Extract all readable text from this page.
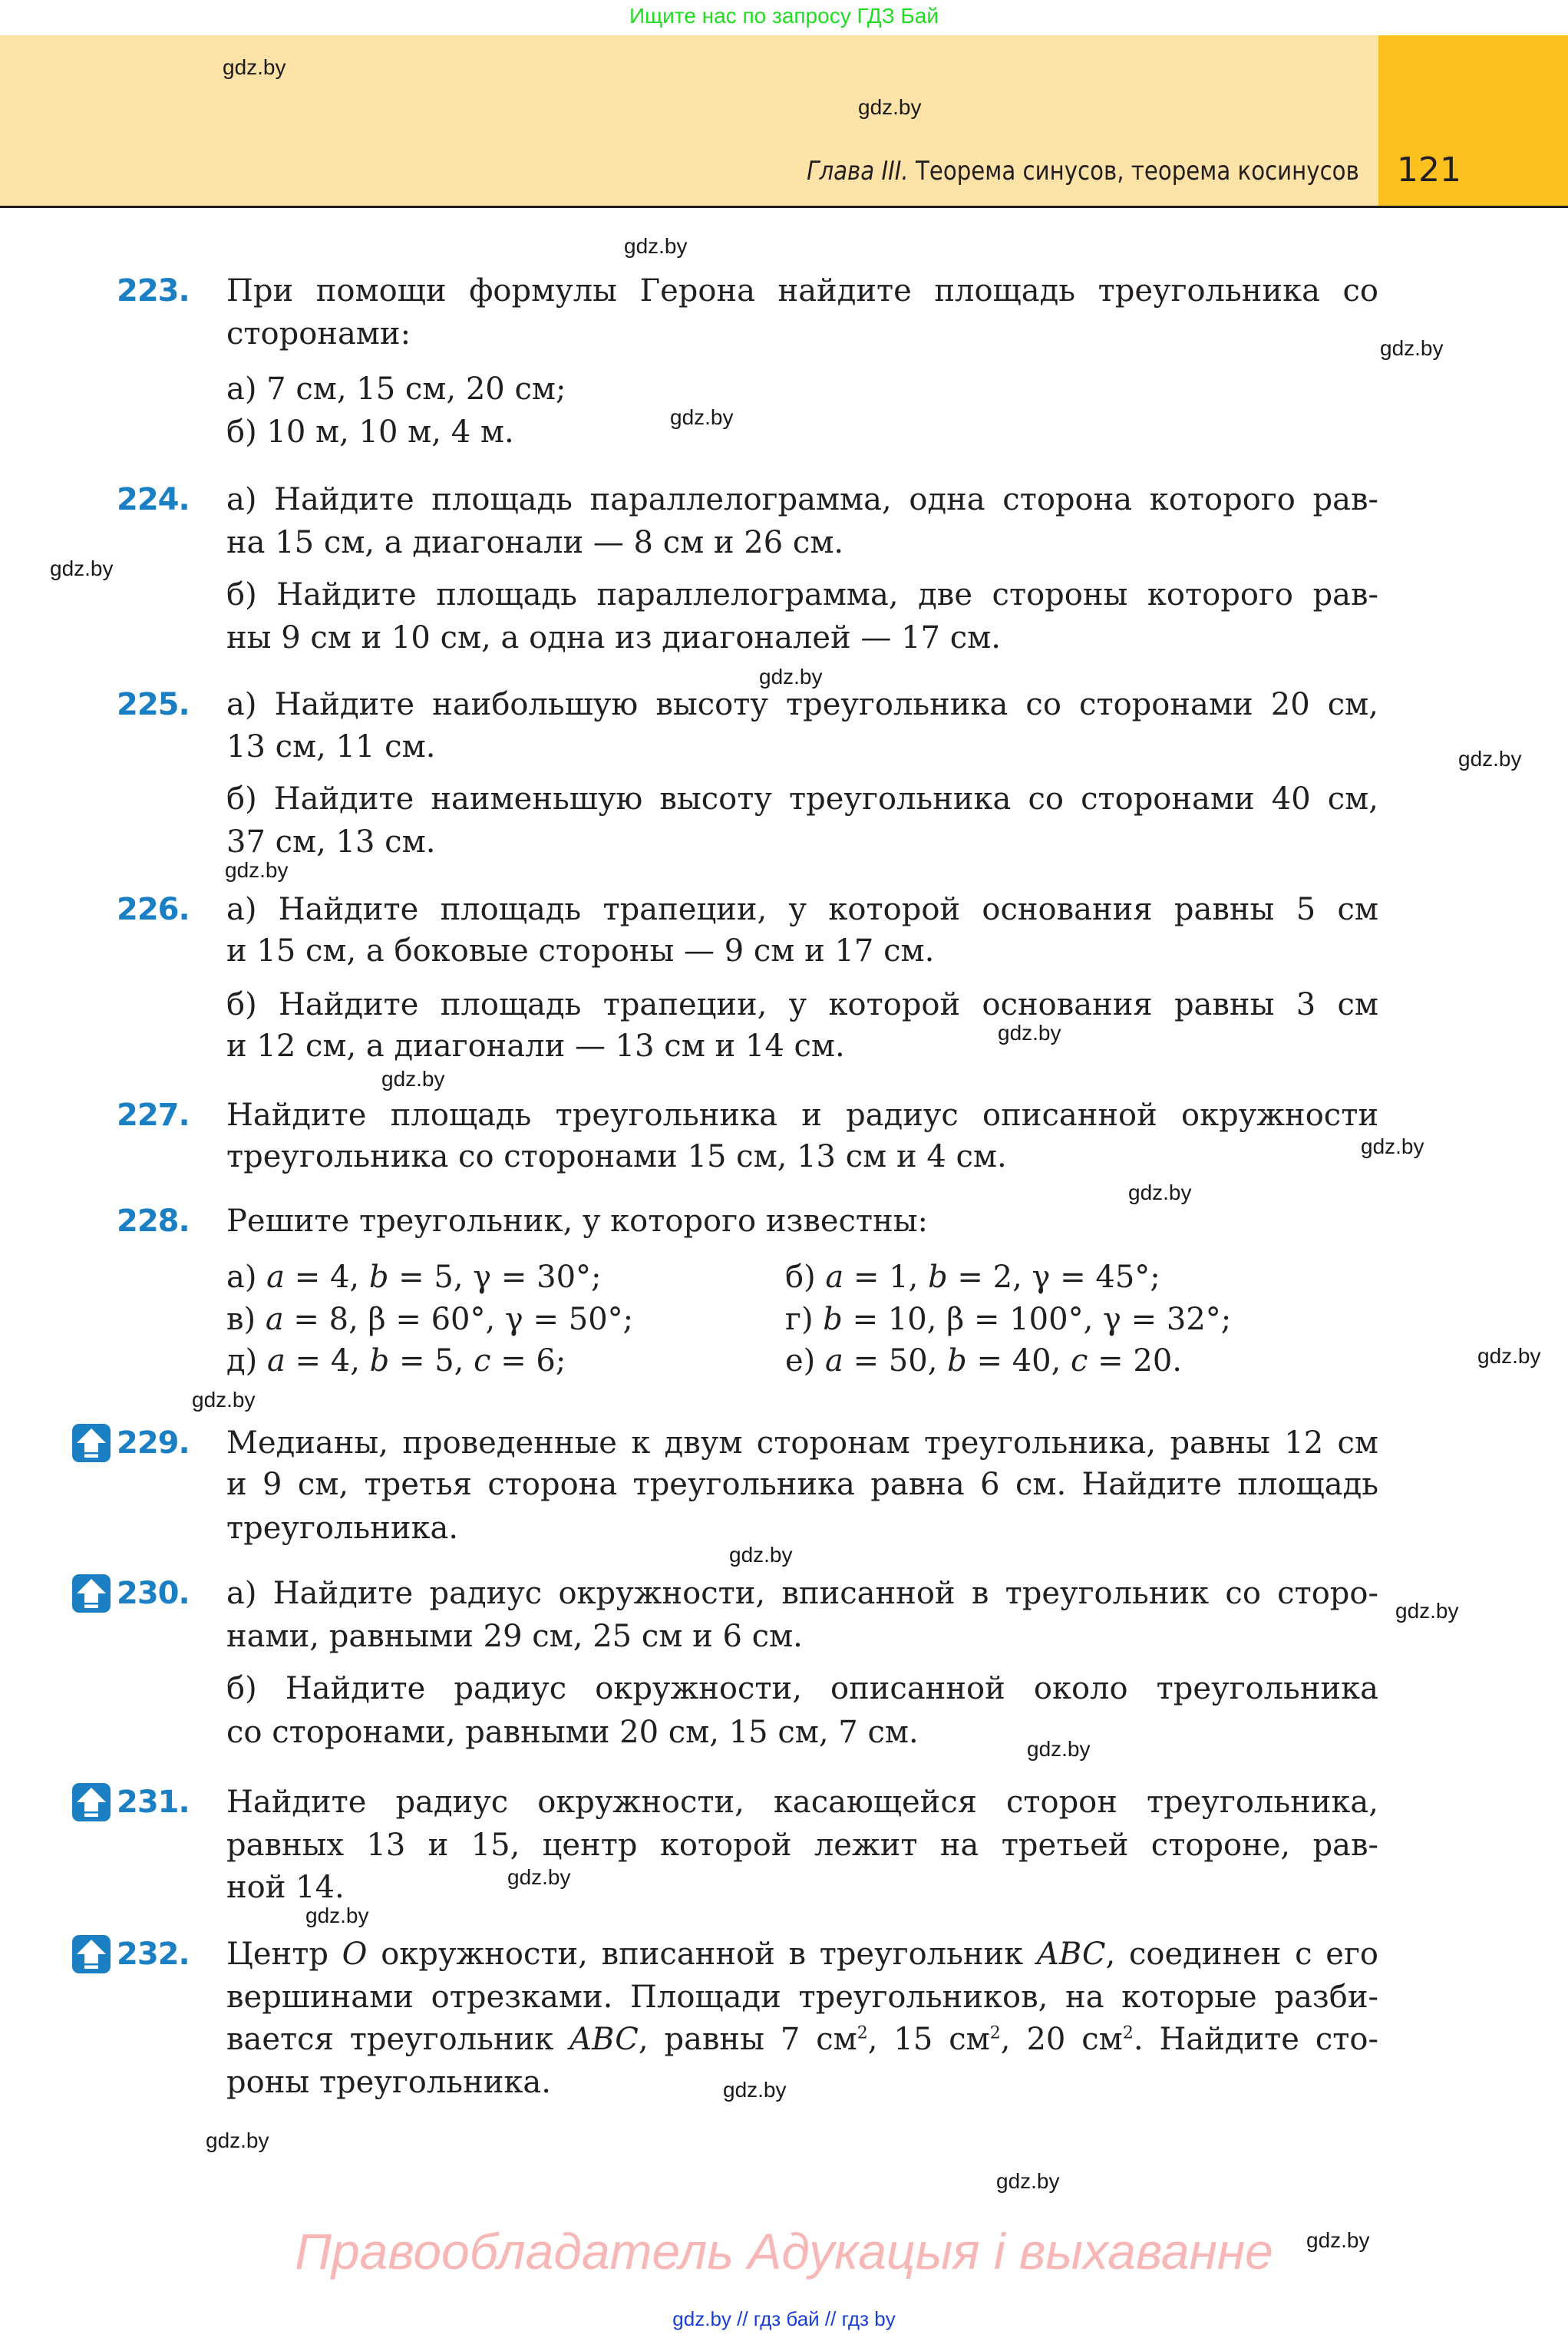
Ищите нас по запросу ГДЗ Бай
Глава III. Теорема синусов, теорема косинусов 121
gdz.by
gdz.by
gdz.by
gdz.by
gdz.by
gdz.by
gdz.by
gdz.by
gdz.by
gdz.by
gdz.by
gdz.by
gdz.by
gdz.by
gdz.by
gdz.by
gdz.by
gdz.by
gdz.by
gdz.by
gdz.by
gdz.by
gdz.by
gdz.by
223. При помощи формулы Герона найдите площадь треугольника со
сторонами:
а) 7 см, 15 см, 20 см;
б) 10 м, 10 м, 4 м.
224. а) Найдите площадь параллелограмма, одна сторона которого рав-
на 15 см, а диагонали — 8 см и 26 см.
б) Найдите площадь параллелограмма, две стороны которого рав-
ны 9 см и 10 см, а одна из диагоналей — 17 см.
225. а) Найдите наибольшую высоту треугольника со сторонами 20 см,
13 см, 11 см.
б) Найдите наименьшую высоту треугольника со сторонами 40 см,
37 см, 13 см.
226. а) Найдите площадь трапеции, у которой основания равны 5 см
и 15 см, а боковые стороны — 9 см и 17 см.
б) Найдите площадь трапеции, у которой основания равны 3 см
и 12 см, а диагонали — 13 см и 14 см.
227. Найдите площадь треугольника и радиус описанной окружности
треугольника со сторонами 15 см, 13 см и 4 см.
228. Решите треугольник, у которого известны:
а) a = 4, b = 5, γ = 30°;	б) a = 1, b = 2, γ = 45°;
в) a = 8, β = 60°, γ = 50°;	г) b = 10, β = 100°, γ = 32°;
д) a = 4, b = 5, c = 6;	е) a = 50, b = 40, c = 20.
229. Медианы, проведенные к двум сторонам треугольника, равны 12 см
и 9 см, третья сторона треугольника равна 6 см. Найдите площадь
треугольника.
230. а) Найдите радиус окружности, вписанной в треугольник со сторо-
нами, равными 29 см, 25 см и 6 см.
б) Найдите радиус окружности, описанной около треугольника
со сторонами, равными 20 см, 15 см, 7 см.
231. Найдите радиус окружности, касающейся сторон треугольника,
равных 13 и 15, центр которой лежит на третьей стороне, рав-
ной 14.
232. Центр O окружности, вписанной в треугольник ABC, соединен с его
вершинами отрезками. Площади треугольников, на которые разби-
вается треугольник ABC, равны 7 $см^2$, 15 $см^2$, 20 $см^2$. Найдите сто-
роны треугольника.
Правообладатель Адукацыя і выхаванне
gdz.by // гдз бай // гдз by
